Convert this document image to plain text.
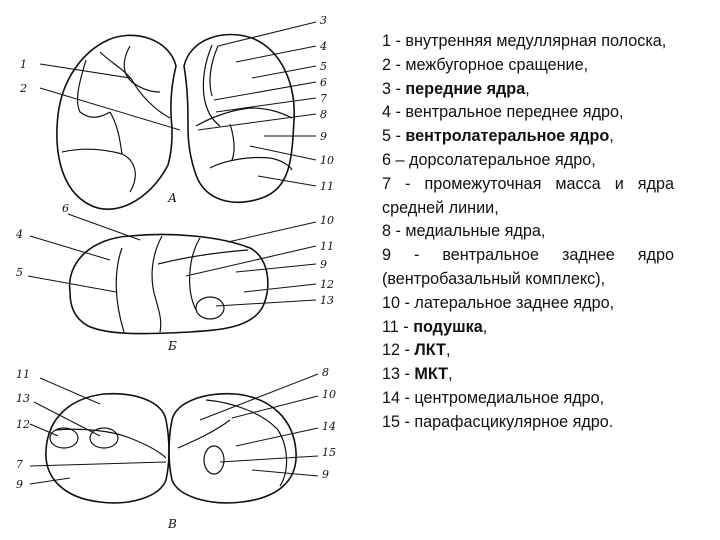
1
2
3
4
5
6
7
8
9
10
11
А
6
4
5
10
11
9
12
13
Б
11
13
12
7
9
8
10
14
15
9
В

1 - внутренняя медуллярная полоска,

2 - межбугорное сращение,

3 - передние ядра,

4 - вентральное переднее ядро,

5 - вентролатеральное ядро,

6 – дорсолатеральное ядро,

7 - промежуточная масса и ядра средней линии,

8 - медиальные ядра,

9 - вентральное заднее ядро (вентробазальный комплекс),

10 - латеральное заднее ядро,

11 - подушка,

12 - ЛКТ,

13 - МКТ,

14 - центромедиальное ядро,

15 - парафасцикулярное ядро.
